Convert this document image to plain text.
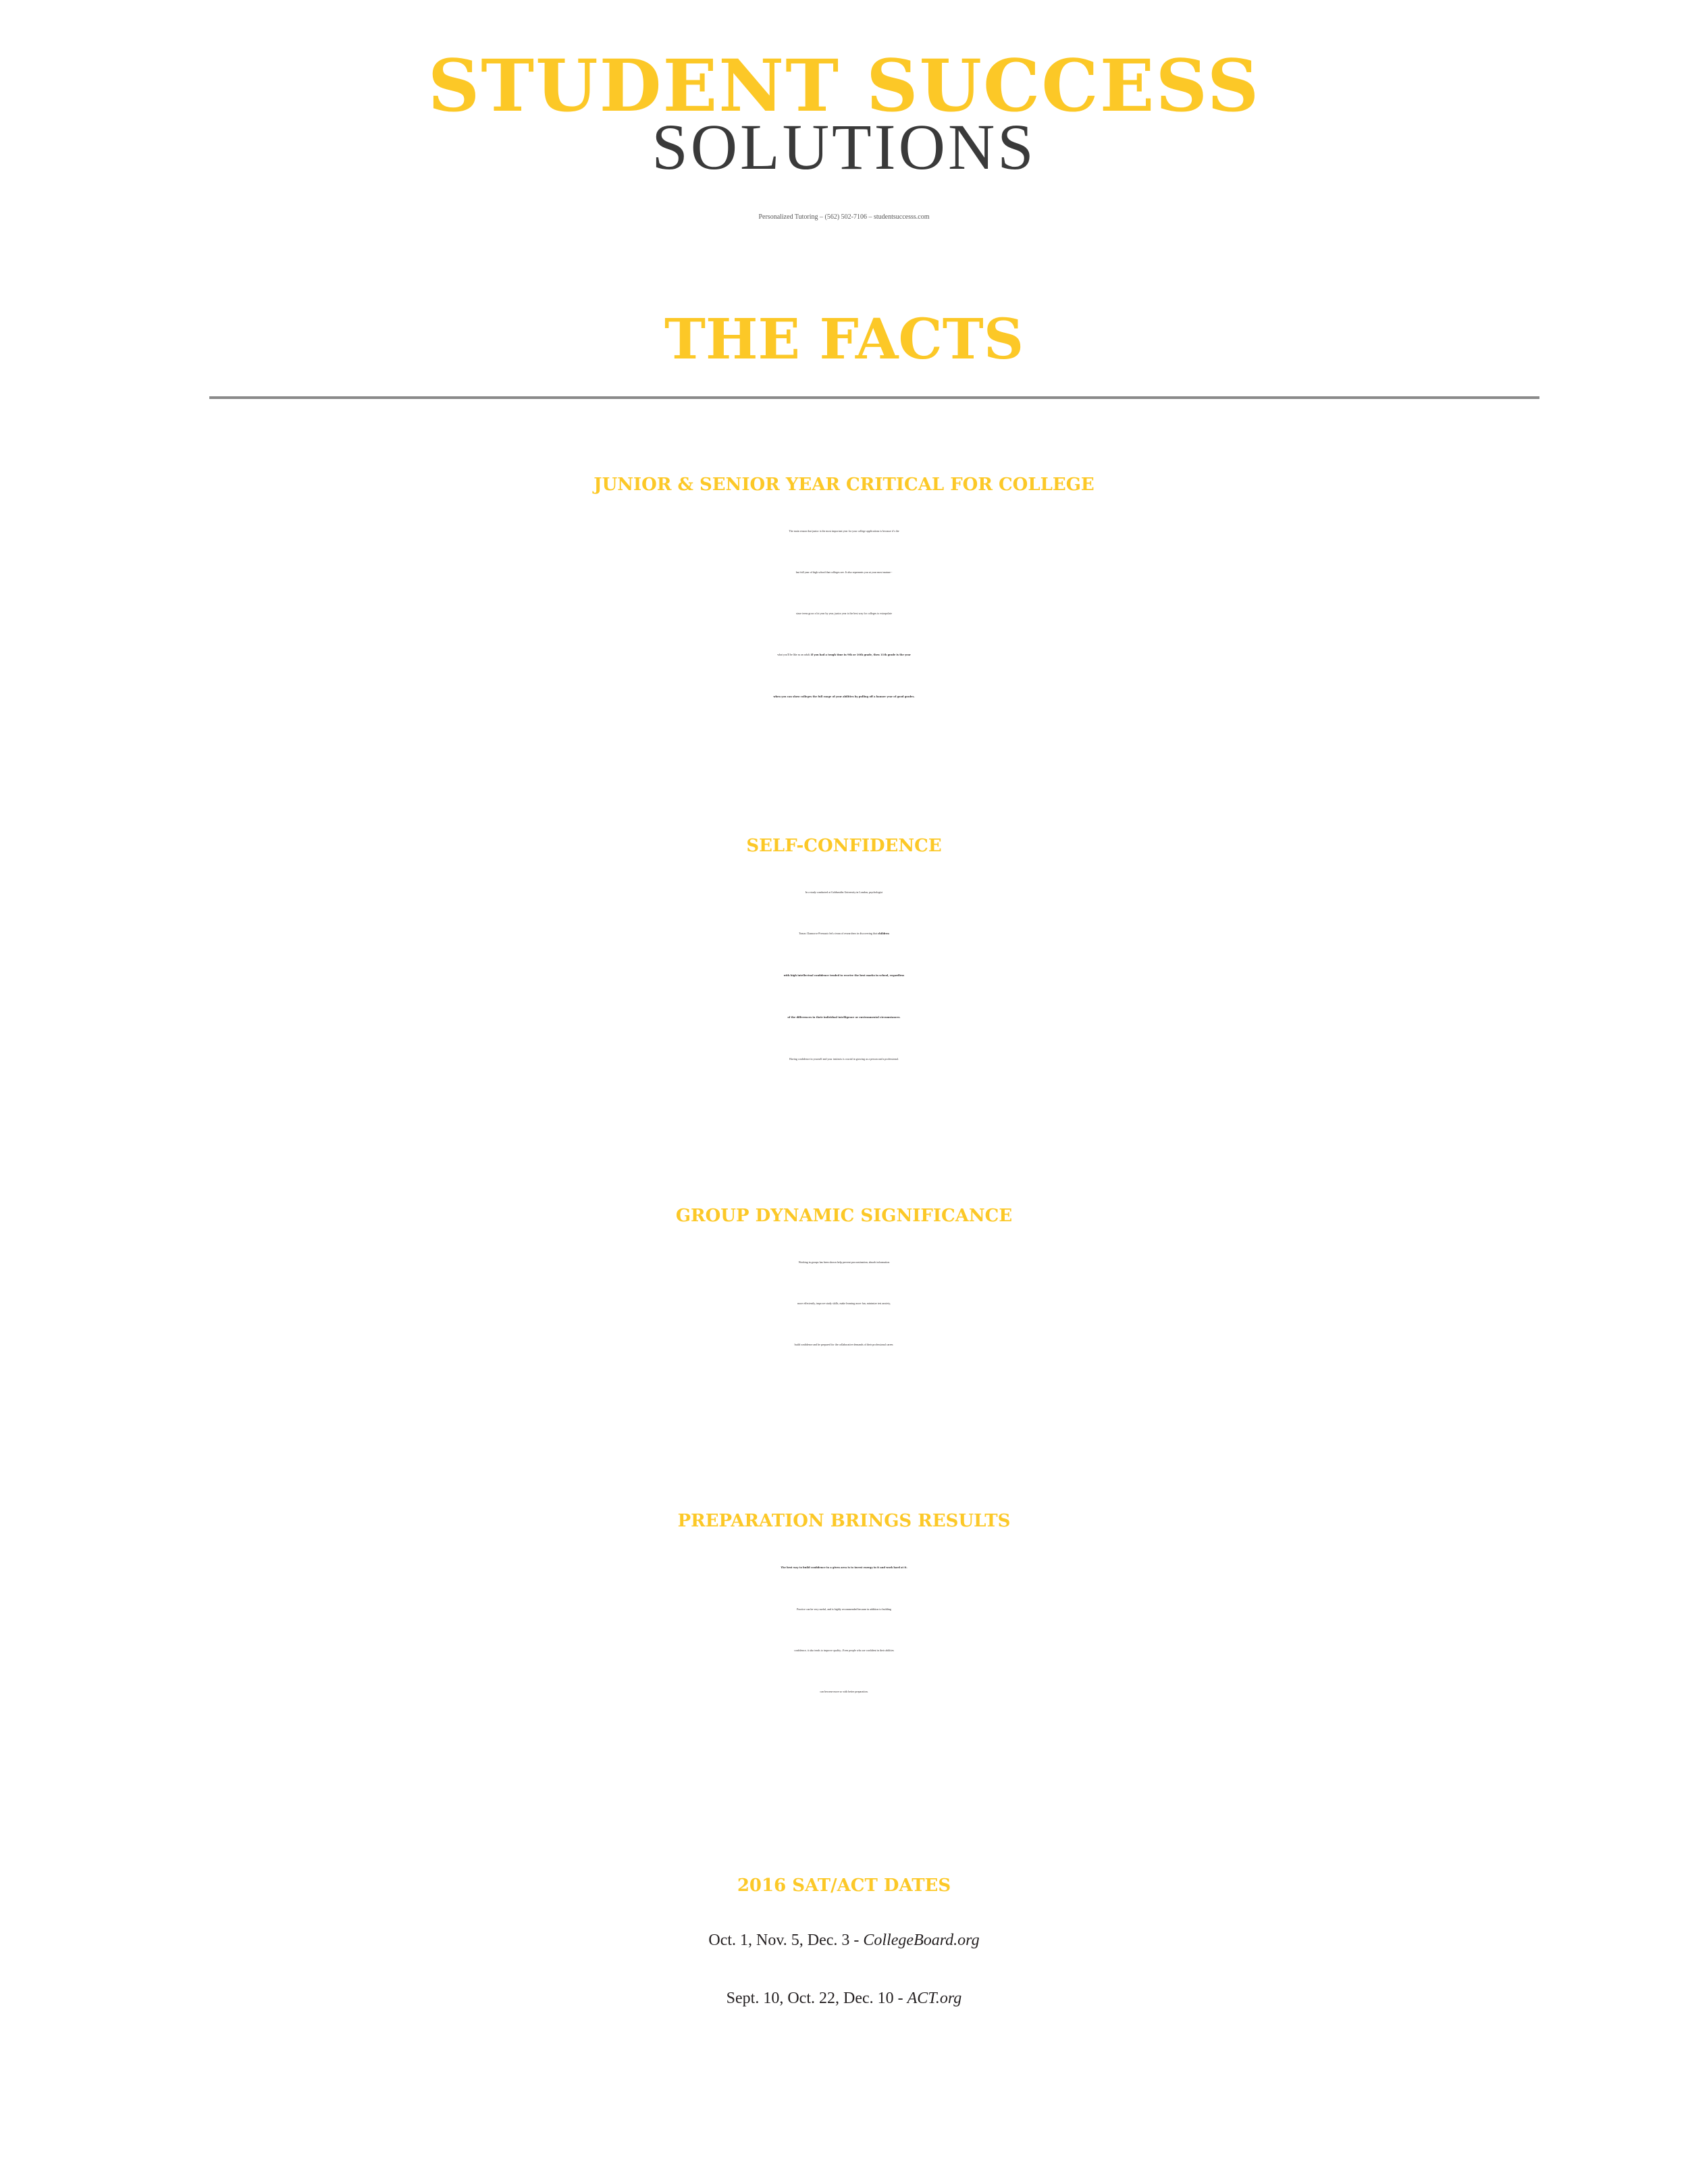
STUDENT SUCCESS
SOLUTIONS
Personalized Tutoring – (562) 502-7106 – studentsuccesss.com
THE FACTS
JUNIOR & SENIOR YEAR CRITICAL FOR COLLEGE

The main reason that junior is the most important year for your college applications is because it’s the

last full year of high school that colleges see. It also represents you at your most mature -

since teens grow a lot year by year, junior year is the best way for colleges to extrapolate

what you'll be like as an adult. If you had a tough time in 9th or 10th grade, then 11th grade is the year

when you can show colleges the full range of your abilities by pulling off a banner year of good grades.

SELF-CONFIDENCE

In a study conducted at Goldsmiths University in London, psychologist

Tomas Chamorro-Premuzic led a team of researchers in discovering that children

with high intellectual confidence tended to receive the best marks in school, regardless

of the differences in their individual intelligence or environmental circumstances.

Having confidence in yourself and your instincts is crucial in growing as a person and a professional.

GROUP DYNAMIC SIGNIFICANCE

Working in groups has been shown help prevent procrastination, absorb information

more effeciently, improve study skills, make learning more fun, minimize test anxiety,

build confidence and be prepared for the collaborative demands of their professional career.

PREPARATION BRINGS RESULTS

The best way to build confidence in a given area is to invest energy in it and work hard at it.

Practice can be very useful, and is highly recommended because in addition to building

confidence, it also tends to improve quality...Even people who are confident in their abilities

can become more so with better preparation.

2016 SAT/ACT DATES

Oct. 1, Nov. 5, Dec. 3 - CollegeBoard.org

Sept. 10, Oct. 22, Dec. 10 - ACT.org
